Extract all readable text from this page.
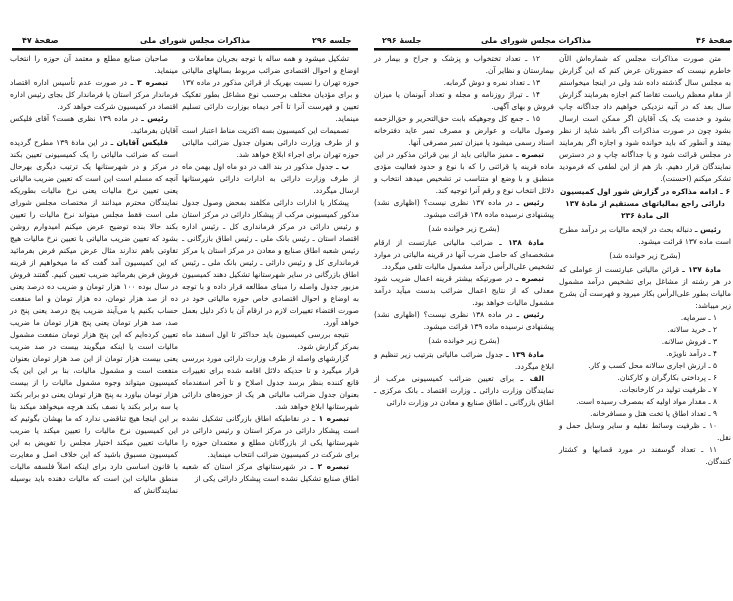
صفحهٔ ۴۷	مذاکرات مجلس شورای ملی	جلسه ۲۹۶

صاحبان صنایع مطلع و معتمد آن حوزه را انتخاب مینماید.

تبصره ۳ ـ در صورت عدم تأسیس اداره اقتصاد فرماندار مرکز استان یا فرماندار کل بجای رئیس اداره اقتصاد در کمیسیون شرکت خواهد کرد.

رئیس ـ در ماده ۱۳۹ نظری هست؟ آقای فلیکس آقایان بفرمائید.

فلیکس آقایان ـ در این مادهٔ ۱۳۹ مطرح گردیده است که ضرائب مالیاتی را یک کمیسیونی تعیین بکند در مرکز و در شهرستانها یک ترتیب دیگری بهرحال آنچه که مسلم است این است که تعیین ضریب مالیاتی یعنی تعیین نرخ مالیات یعنی نرخ مالیات بطوریکه نمایندگان محترم میدانند از مختصات مجلس شورای ملی است فقط مجلس میتواند نرخ مالیات را تعیین بکند حالا بنده توضیح عرض میکنم امیدوارم روشن بشود که تعیین ضریب مالیاتی با تعیین نرخ مالیات هیچ تفاوتی باهم ندارند مثال عرض میکنم فرض بفرمائید که این کمیسیون آمد گفت که ما میخواهیم از قرینه فروش فرض بفرمائید ضریب تعیین کنیم. گفتند فروش در سال بوده ۱۰۰ هزار تومان و ضریب ده درصد یعنی ده از صد هزار تومان، ده هزار تومان و اما منفعت حساب بکنیم یا می‌آیند ضریب پنج درصد یعنی پنج در صد، صد هزار تومان یعنی پنج هزار تومان ما ضریب تعیین کرده‌ایم که این پنج هزار تومان منفعت مشمول مالیات است یا اینکه میگویند بیست در صد ضریب یعنی بیست هزار تومان از این صد هزار تومان بعنوان منفعت است و مشمول مالیات، بنا بر این این یک کمیسیون میتواند وجوه مشمول مالیات را از بیست هزار تومان بیاورد به پنج هزار تومان یعنی دو برابر بکند یا سه برابر بکند یا نصف بکند هرچه میخواهد میکند بنا بر این اینجا هیچ تناقضی ندارد که ما بهشان بگوئیم که این کمیسیون نرخ مالیات را تعیین میکند یا ضریب مالیات تعیین میکند اختیار مجلس را تفویض به این کمیسیون مسبوق باشید که این خلاف اصل و مغایرت با قانون اساسی دارد برای اینکه اصلاً فلسفه مالیات منطق مالیات این است که مالیات دهنده باید بوسیله نمایندگانش که

تشکیل میشود و همه ساله با توجه بجریان معاملات و اوضاع و احوال اقتصادی ضرائب مربوط بسالهای مالیاتی حوزه تهران را نسبت بهریک از قرائن مذکور در ماده ۱۳۷ و برای مؤدیان مختلف برحسب نوع مشاغل بطور تفکیک تعیین و فهرست آنرا تا آخر دیماه بوزارت دارائی تسلیم مینماید.

تصمیمات این کمیسیون بسه اکثریت مناط اعتبار است و از طرف وزارت دارائی بعنوان جدول ضرائب مالیاتی حوزه تهران برای اجراء ابلاغ خواهد شد.

ب ـ جدول مذکور در بند الف در دو ماه اول بهمن ماه از طرف وزارت دارائی به ادارات دارائی شهرستانها ارسال میگردد.

پیشکار یا ادارات دارائی مکلفند بمحض وصول جدول مذکور کمیسیونی مرکب از پیشکار دارائی در مرکز استان و رئیس دارائی در مرکز فرمانداری کل ـ رئیس اداره اقتصاد استان ـ رئیس بانک ملی ـ رئیس اطاق بازرگانی ـ رئیس شعبه اطاق صنایع و معادن در مرکز استان یا مرکز فرمانداری کل و رئیس دارائی ـ رئیس بانک ملی ـ رئیس اطاق بازرگانی در سایر شهرستانها تشکیل دهند کمیسیون مزبور جدول واصله را مبنای مطالعه قرار داده و با توجه به اوضاع و احوال اقتصادی خاص حوزه مالیاتی خود در صورت اقتضاء تغییرات لازم در ارقام آن با ذکر دلیل بعمل خواهد آورد.

نتیجه بررسی کمیسیون باید حداکثر تا اول اسفند ماه بمرکز گزارش شود.

گزارشهای واصله از طرف وزارت دارائی مورد بررسی قرار میگیرد و تا حدیکه دلائل اقامه شده برای تغییرات قانع کننده بنظر برسد جدول اصلاح و تا آخر اسفندماه بعنوان جدول ضرائب مالیاتی هر یک از حوزه‌های دارائی شهرستانها ابلاغ خواهد شد.

تبصره ۱ ـ در نقاطیکه اطاق بازرگانی تشکیل نشده است پیشکار دارائی در مرکز استان و رئیس دارائی در شهرستانها یکی از بازرگانان مطلع و معتمدان حوزه را برای شرکت در کمیسیون ضرائب انتخاب مینماید.

تبصره ۲ ـ در شهرستانهای مرکز استان که شعبه اطاق صنایع تشکیل نشده است پیشکار دارائی یکی از

جلسهٔ ۲۹۶	مذاکرات مجلس شورای ملی	صفحهٔ ۴۶

۱۲ ـ تعداد تختخواب و پزشک و جراح و بیمار در بیمارستان و نظایر آن.

۱۳ ـ تعداد نمره و دوش گرمابه.

۱۴ ـ تیراژ روزنامه و مجله و تعداد آبونمان یا میزان فروش و بهای آگهی.

۱۵ ـ جمع کل وجوهیکه بابت حق‌التحریر و حق‌الزحمه وصول مالیات و عوارض و مصرف تمبر عاید دفترخانه اسناد رسمی میشود یا میزان تمبر مصرفی آنها.

تبصره ـ ممیز مالیاتی باید از بین قرائن مذکور در این ماده قرینه یا قرائنی را که با نوع و حدود فعالیت مؤدی منطبق و با وضع او متناسب تر تشخیص میدهد انتخاب و دلائل انتخاب نوع و رقم آنرا توجیه کند.

رئیس ـ در ماده ۱۳۷ نظری نیست؟ (اظهاری نشد) پیشنهادی نرسیده ماده ۱۳۸ قرائت میشود.

(بشرح زیر خوانده شد)

مادهٔ ۱۳۸ ـ ضرائب مالیاتی عبارتست از ارقام مشخصه‌ای که حاصل ضرب آنها در قرینه مالیاتی در موارد تشخیص علی‌الرأس درآمد مشمول مالیات تلقی میگردد.

تبصره ـ در صورتیکه بیشتر قرینه اعمال ضریب شود معدلی که از نتایج اعمال ضرائب بدست میآید درآمد مشمول مالیات خواهد بود.

رئیس ـ در ماده ۱۳۸ نظری نیست؟ (اظهاری نشد) پیشنهادی نرسیده ماده ۱۳۹ قرائت میشود.

(بشرح زیر خوانده شد)

مادهٔ ۱۳۹ ـ جدول ضرائب مالیاتی بترتیب زیر تنظیم و ابلاغ میگردد.

الف ـ برای تعیین ضرائب کمیسیونی مرکب از نمایندگان وزارت دارائی ـ وزارت اقتصاد ـ بانک مرکزی ـ اطاق بازرگانی ـ اطاق صنایع و معادن در وزارت دارائی

متن صورت مذاکرات مجلس که شماره‌اش الآن خاطرم نیست که حضورتان عرض کنم که این گزارش به مجلس سال گذشته داده شد ولی در اینجا میخواستم از مقام معظم ریاست تقاضا کنم اجازه بفرمایند گزارش سال بعد که در آتیه نزدیکی خواهیم داد جداگانه چاپ بشود و خدمت یک یک آقایان اگر ممکن است ارسال بشود چون در صورت مذاکرات اگر باشد شاید از نظر بیفتد و آنطور که باید خوانده شود و اجازه اگر بفرمایند در مجلس قرائت شود و یا جداگانه چاپ و در دسترس نمایندگان قرار دهیم. باز هم از این لطفی که فرمودید تشکر میکنم (احسنت).

۶ ـ ادامه مذاکره در گزارش شور اول کمیسیون دارائی راجع بمالیاتهای مستقیم از مادهٔ ۱۳۷ الی مادهٔ ۲۳۶

رئیس ـ دنباله بحث در لایحه مالیات بر درآمد مطرح است ماده ۱۳۷ قرائت میشود.

(بشرح زیر خوانده شد)

مادهٔ ۱۳۷ ـ قرائن مالیاتی عبارتست از عواملی که در هر رشته از مشاغل برای تشخیص درآمد مشمول مالیات بطور علی‌الرأس بکار میرود و فهرست آن بشرح زیر میباشد:

۱ ـ سرمایه.

۲ ـ خرید سالانه.

۳ ـ فروش سالانه.

۴ ـ درآمد ناویژه.

۵ ـ ارزش اجاری سالانه محل کسب و کار.

۶ ـ پرداختی بکارگران و کارکنان.

۷ ـ ظرفیت تولید در کارخانجات.

۸ ـ مقدار مواد اولیه که بمصرف رسیده است.

۹ ـ تعداد اطاق یا تخت هتل و مسافرخانه.

۱۰ ـ ظرفیت وسائط نقلیه و سایر وسایل حمل و نقل.

۱۱ ـ تعداد گوسفند در مورد قصابها و کشتار کنندگان.
